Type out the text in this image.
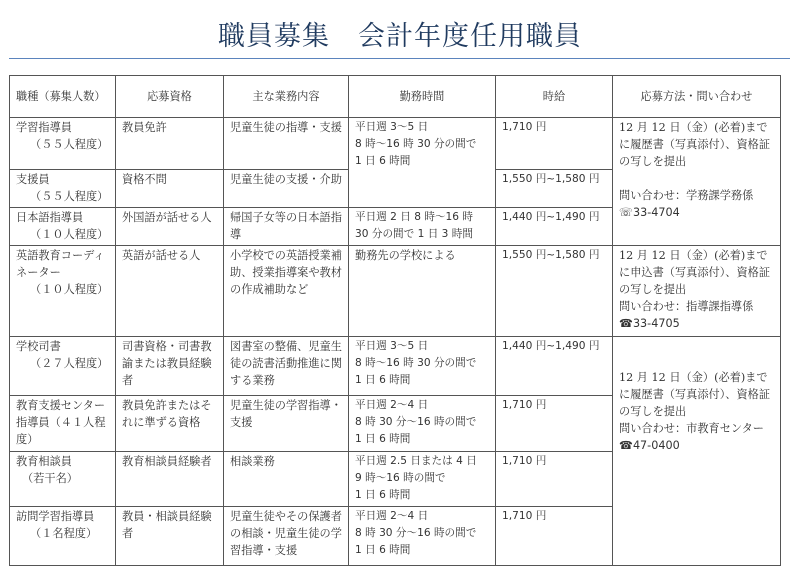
職員募集 会計年度任用職員
職種（募集人数）	応募資格	主な業務内容	勤務時間	時給	応募方法・問い合わせ
学習指導員
（５５人程度）	教員免許	児童生徒の指導・支援	平日週 3～5 日
8 時～16 時 30 分の間で
1 日 6 時間	1,710 円	12 月 12 日（金）(必着)までに履歴書（写真添付）、資格証の写しを提出

問い合わせ：学務課学務係
☏33-4704
支援員
（５５人程度）	資格不問	児童生徒の支援・介助		1,550 円~1,580 円	
日本語指導員
（１０人程度）	外国語が話せる人	帰国子女等の日本語指導	平日週 2 日 8 時～16 時
30 分の間で 1 日 3 時間	1,440 円~1,490 円	
英語教育コーディネーター
（１０人程度）	英語が話せる人	小学校での英語授業補助、授業指導案や教材の作成補助など	勤務先の学校による	1,550 円~1,580 円	12 月 12 日（金）(必着)までに申込書（写真添付）、資格証の写しを提出
問い合わせ：指導課指導係
☎33-4705
学校司書
（２７人程度）	司書資格・司書教諭または教員経験者	図書室の整備、児童生徒の読書活動推進に関する業務	平日週 3～5 日
8 時～16 時 30 分の間で
1 日 6 時間	1,440 円~1,490 円	12 月 12 日（金）(必着)までに履歴書（写真添付）、資格証の写しを提出
問い合わせ：市教育センター
☎47-0400
教育支援センター指導員（４１人程度）	教員免許またはそれに準ずる資格	児童生徒の学習指導・支援	平日週 2～4 日
8 時 30 分～16 時の間で
1 日 6 時間	1,710 円	
教育相談員
（若干名）	教育相談員経験者	相談業務	平日週 2.5 日または 4 日
9 時～16 時の間で
1 日 6 時間	1,710 円	
訪問学習指導員
（１名程度）	教員・相談員経験者	児童生徒やその保護者の相談・児童生徒の学習指導・支援	平日週 2～4 日
8 時 30 分～16 時の間で
1 日 6 時間	1,710 円	
